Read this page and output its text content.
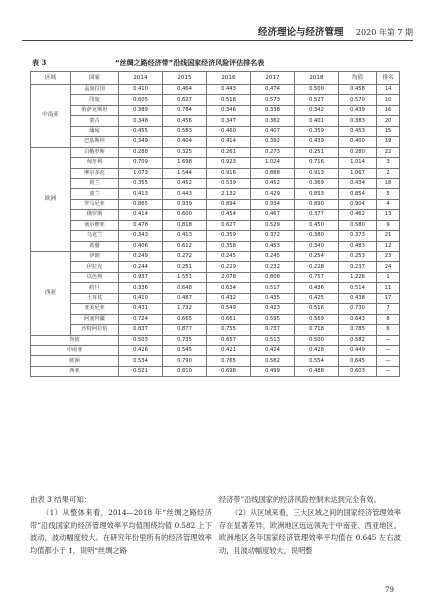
经济理论与经济管理 2020 年第 7 期
表 3	“丝绸之路经济带”沿线国家经济风险评估排名表
区域	国家	2014	2015	2016	2017	2018	均值	排名
中南亚	孟加拉国	0.410	0.464	0.443	0.474	0.500	0.458	14
	印度	0.605	0.627	0.518	0.573	0.527	0.570	10
	哈萨克斯坦	0.389	0.784	0.346	0.338	0.342	0.439	16
	蒙古	0.348	0.456	0.347	0.362	0.401	0.383	20
	缅甸	0.455	0.583	0.460	0.407	0.359	0.453	15
	巴基斯坦	0.349	0.404	0.414	0.392	0.439	0.400	19
欧洲	白俄罗斯	0.288	0.325	0.261	0.273	0.251	0.280	22
	匈牙利	0.709	1.698	0.923	1.024	0.716	1.014	3
	摩尔多瓦	1.073	1.544	0.916	0.888	0.913	1.067	2
	荷兰	0.355	0.452	0.539	0.452	0.369	0.434	18
	波兰	0.413	0.443	2.132	0.429	0.853	0.854	5
	罗马尼亚	0.865	0.939	0.894	0.934	0.890	0.904	4
	俄罗斯	0.414	0.600	0.454	0.467	0.377	0.462	13
	塞尔维亚	0.478	0.818	0.627	0.529	0.450	0.580	9
	乌克兰	0.343	0.413	0.359	0.372	0.380	0.373	21
	希腊	0.406	0.612	0.358	0.453	0.340	0.483	12
西亚	伊朗	0.249	0.272	0.245	0.245	0.254	0.253	23
	伊拉克	0.244	0.251	0.229	0.232	0.228	0.237	24
	以色列	0.937	1.551	2.078	0.808	0.757	1.226	1
	约旦	0.336	0.648	0.634	0.517	0.436	0.514	11
	土耳其	0.410	0.487	0.432	0.435	0.425	0.438	17
	亚美尼亚	0.431	1.732	0.549	0.423	0.516	0.730	7
	阿塞拜疆	0.724	0.665	0.661	0.595	0.569	0.643	8
	沙特阿拉伯	0.837	0.877	0.755	0.737	0.718	0.785	6
均值		0.503	0.735	0.657	0.513	0.500	0.582	—
中南亚		0.426	0.545	0.421	0.424	0.428	0.449	—
欧洲		0.534	0.790	0.765	0.582	0.554	0.645	—
西亚		0.521	0.810	0.698	0.499	0.488	0.603	—
由表 3 结果可知：
（1）从整体来看，2014—2018 年“丝绸之路经济带”沿线国家的经济管理效率平均值围绕均值 0.582 上下波动，波动幅度较大。在研究年份里所有的经济管理效率均值都小于 1，说明“丝绸之路
经济带”沿线国家的经济风险控制未达到完全有效。
（2）从区域来看，三大区域之间的国家经济管理效率存在显著差异，欧洲地区远远领先于中南亚、西亚地区。欧洲地区各年国家经济管理效率平均值在 0.645 左右波动，且波动幅度较大，说明整
79
